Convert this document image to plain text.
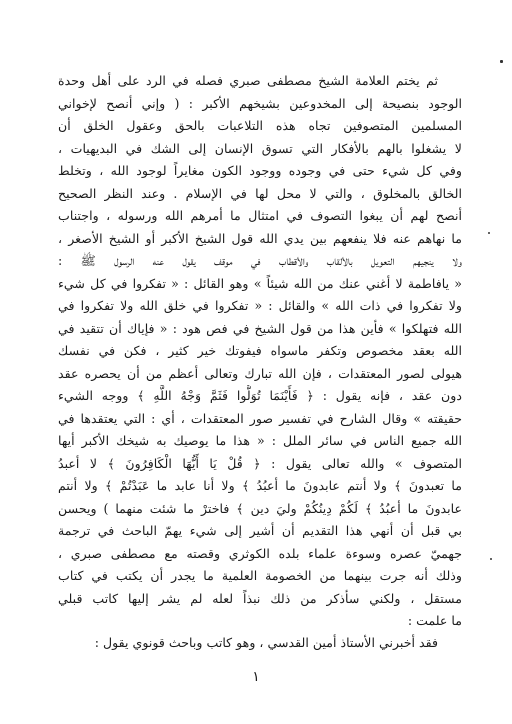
ثم يختم العلامة الشيخ مصطفى صبري فصله في الرد على أهل وحدة
الوجود بنصيحة إلى المخدوعين بشيخهم الأكبر : ( وإني أنصح لإخواني
المسلمين المتصوفين تجاه هذه التلاعبات بالحق وعقول الخلق أن
لا يشغلوا بالهم بالأفكار التي تسوق الإنسان إلى الشك في البديهيات ،
وفي كل شيء حتى في وجوده ووجود الكون مغايراً لوجود الله ، وتخلط
الخالق بالمخلوق ، والتي لا محل لها في الإسلام . وعند النظر الصحيح
أنصح لهم أن يبغوا التصوف في امتثال ما أمرهم الله ورسوله ، واجتناب
ما نهاهم عنه فلا ينفعهم بين يدي الله قول الشيخ الأكبر أو الشيخ الأصغر ،
ولا ينجيهم التعويل بالألقاب والأقطاب في موقف يقول عنه الرسول ﷺ :
« يافاطمة لا أغني عنك من الله شيئاً » وهو القائل : « تفكروا في كل شيء
ولا تفكروا في ذات الله » والقائل : « تفكروا في خلق الله ولا تفكروا في
الله فتهلكوا » فأين هذا من قول الشيخ في فص هود : « فإياك أن تتقيد في
الله بعقد مخصوص وتكفر ماسواه فيفوتك خير كثير ، فكن في نفسك
هيولى لصور المعتقدات ، فإن الله تبارك وتعالى أعظم من أن يحصره عقد
دون عقد ، فإنه يقول : ﴿ فَأَيْنَمَا تُوَلُّوا فَثَمَّ وَجْهُ اللَّهِ ﴾ ووجه الشيء
حقيقته » وقال الشارح في تفسير صور المعتقدات ، أي : التي يعتقدها في
الله جميع الناس في سائر الملل : « هذا ما يوصيك به شيخك الأكبر أيها
المتصوف » والله تعالى يقول : ﴿ قُلْ يَا أَيُّهَا الْكَافِرُونَ ﴾ لا أعبدُ
ما تعبدونَ ﴾ ولا أنتم عابدونَ ما أعبُدُ ﴾ ولا أنا عابد ما عَبَدْتُمْ ﴾ ولا أنتم
عابدونَ ما أعبُدُ ﴾ لَكُمْ دِينُكُمْ وليَ دين ﴾ فاخترْ ما شئت منهما ) ويحسن
بي قبل أن أنهي هذا التقديم أن أشير إلى شيء يهمّ الباحث في ترجمة
جهميّ عصره وسوءة علماء بلده الكوثري وقصته مع مصطفى صبري ،
وذلك أنه جرت بينهما من الخصومة العلمية ما يجدر أن يكتب في كتاب
مستقل ، ولكني سأذكر من ذلك نبذاً لعله لم يشر إليها كاتب قبلي
ما علمت :
فقد أخبرني الأستاذ أمين القدسي ، وهو كاتب وباحث قونوي يقول :
١
